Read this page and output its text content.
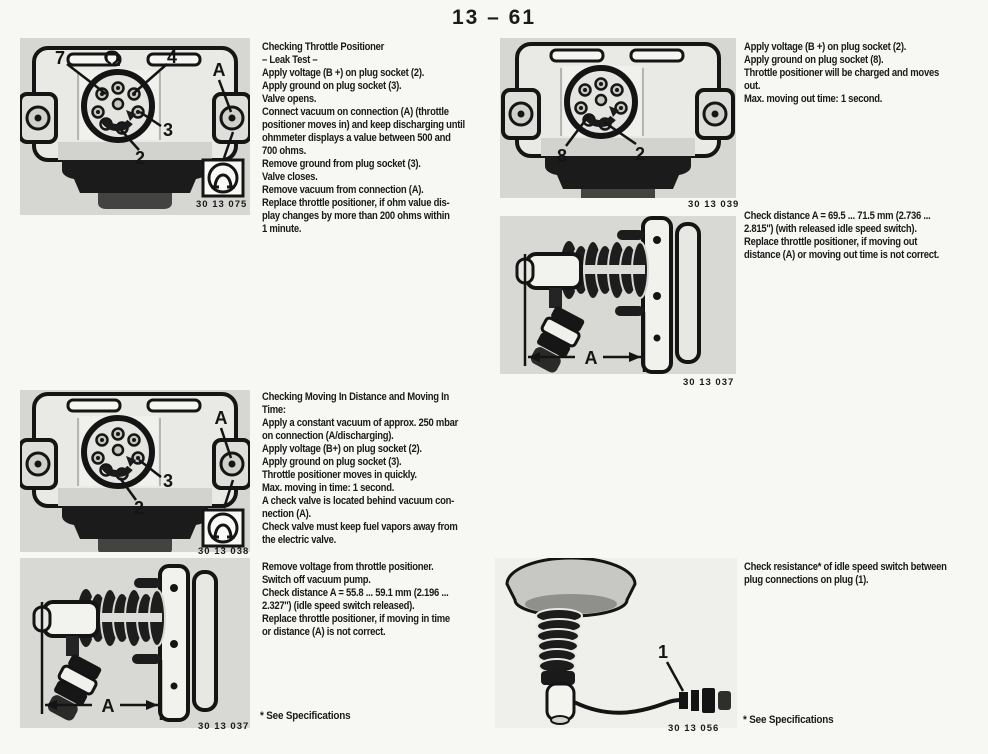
13 – 61
7 Ω	4
A
3
2
30 13 075
8	2
30 13 039
A
30 13 037
A
3
2
30 13 038
A
30 13 037
1
30 13 056
Checking Throttle Positioner
– Leak Test –
Apply voltage (B +) on plug socket (2).
Apply ground on plug socket (3).
Valve opens.
Connect vacuum on connection (A) (throttle
positioner moves in) and keep discharging until
ohmmeter displays a value between 500 and
700 ohms.
Remove ground from plug socket (3).
Valve closes.
Remove vacuum from connection (A).
Replace throttle positioner, if ohm value dis-
play changes by more than 200 ohms within
1 minute.
Apply voltage (B +) on plug socket (2).
Apply ground on plug socket (8).
Throttle positioner will be charged and moves
out.
Max. moving out time: 1 second.
Check distance A = 69.5 ... 71.5 mm (2.736 ...
2.815'') (with released idle speed switch).
Replace throttle positioner, if moving out
distance (A) or moving out time is not correct.
Checking Moving In Distance and Moving In
Time:
Apply a constant vacuum of approx. 250 mbar
on connection (A/discharging).
Apply voltage (B+) on plug socket (2).
Apply ground on plug socket (3).
Throttle positioner moves in quickly.
Max. moving in time: 1 second.
A check valve is located behind vacuum con-
nection (A).
Check valve must keep fuel vapors away from
the electric valve.
Remove voltage from throttle positioner.
Switch off vacuum pump.
Check distance A = 55.8 ... 59.1 mm (2.196 ...
2.327'') (idle speed switch released).
Replace throttle positioner, if moving in time
or distance (A) is not correct.
Check resistance* of idle speed switch between
plug connections on plug (1).
* See Specifications	* See Specifications
